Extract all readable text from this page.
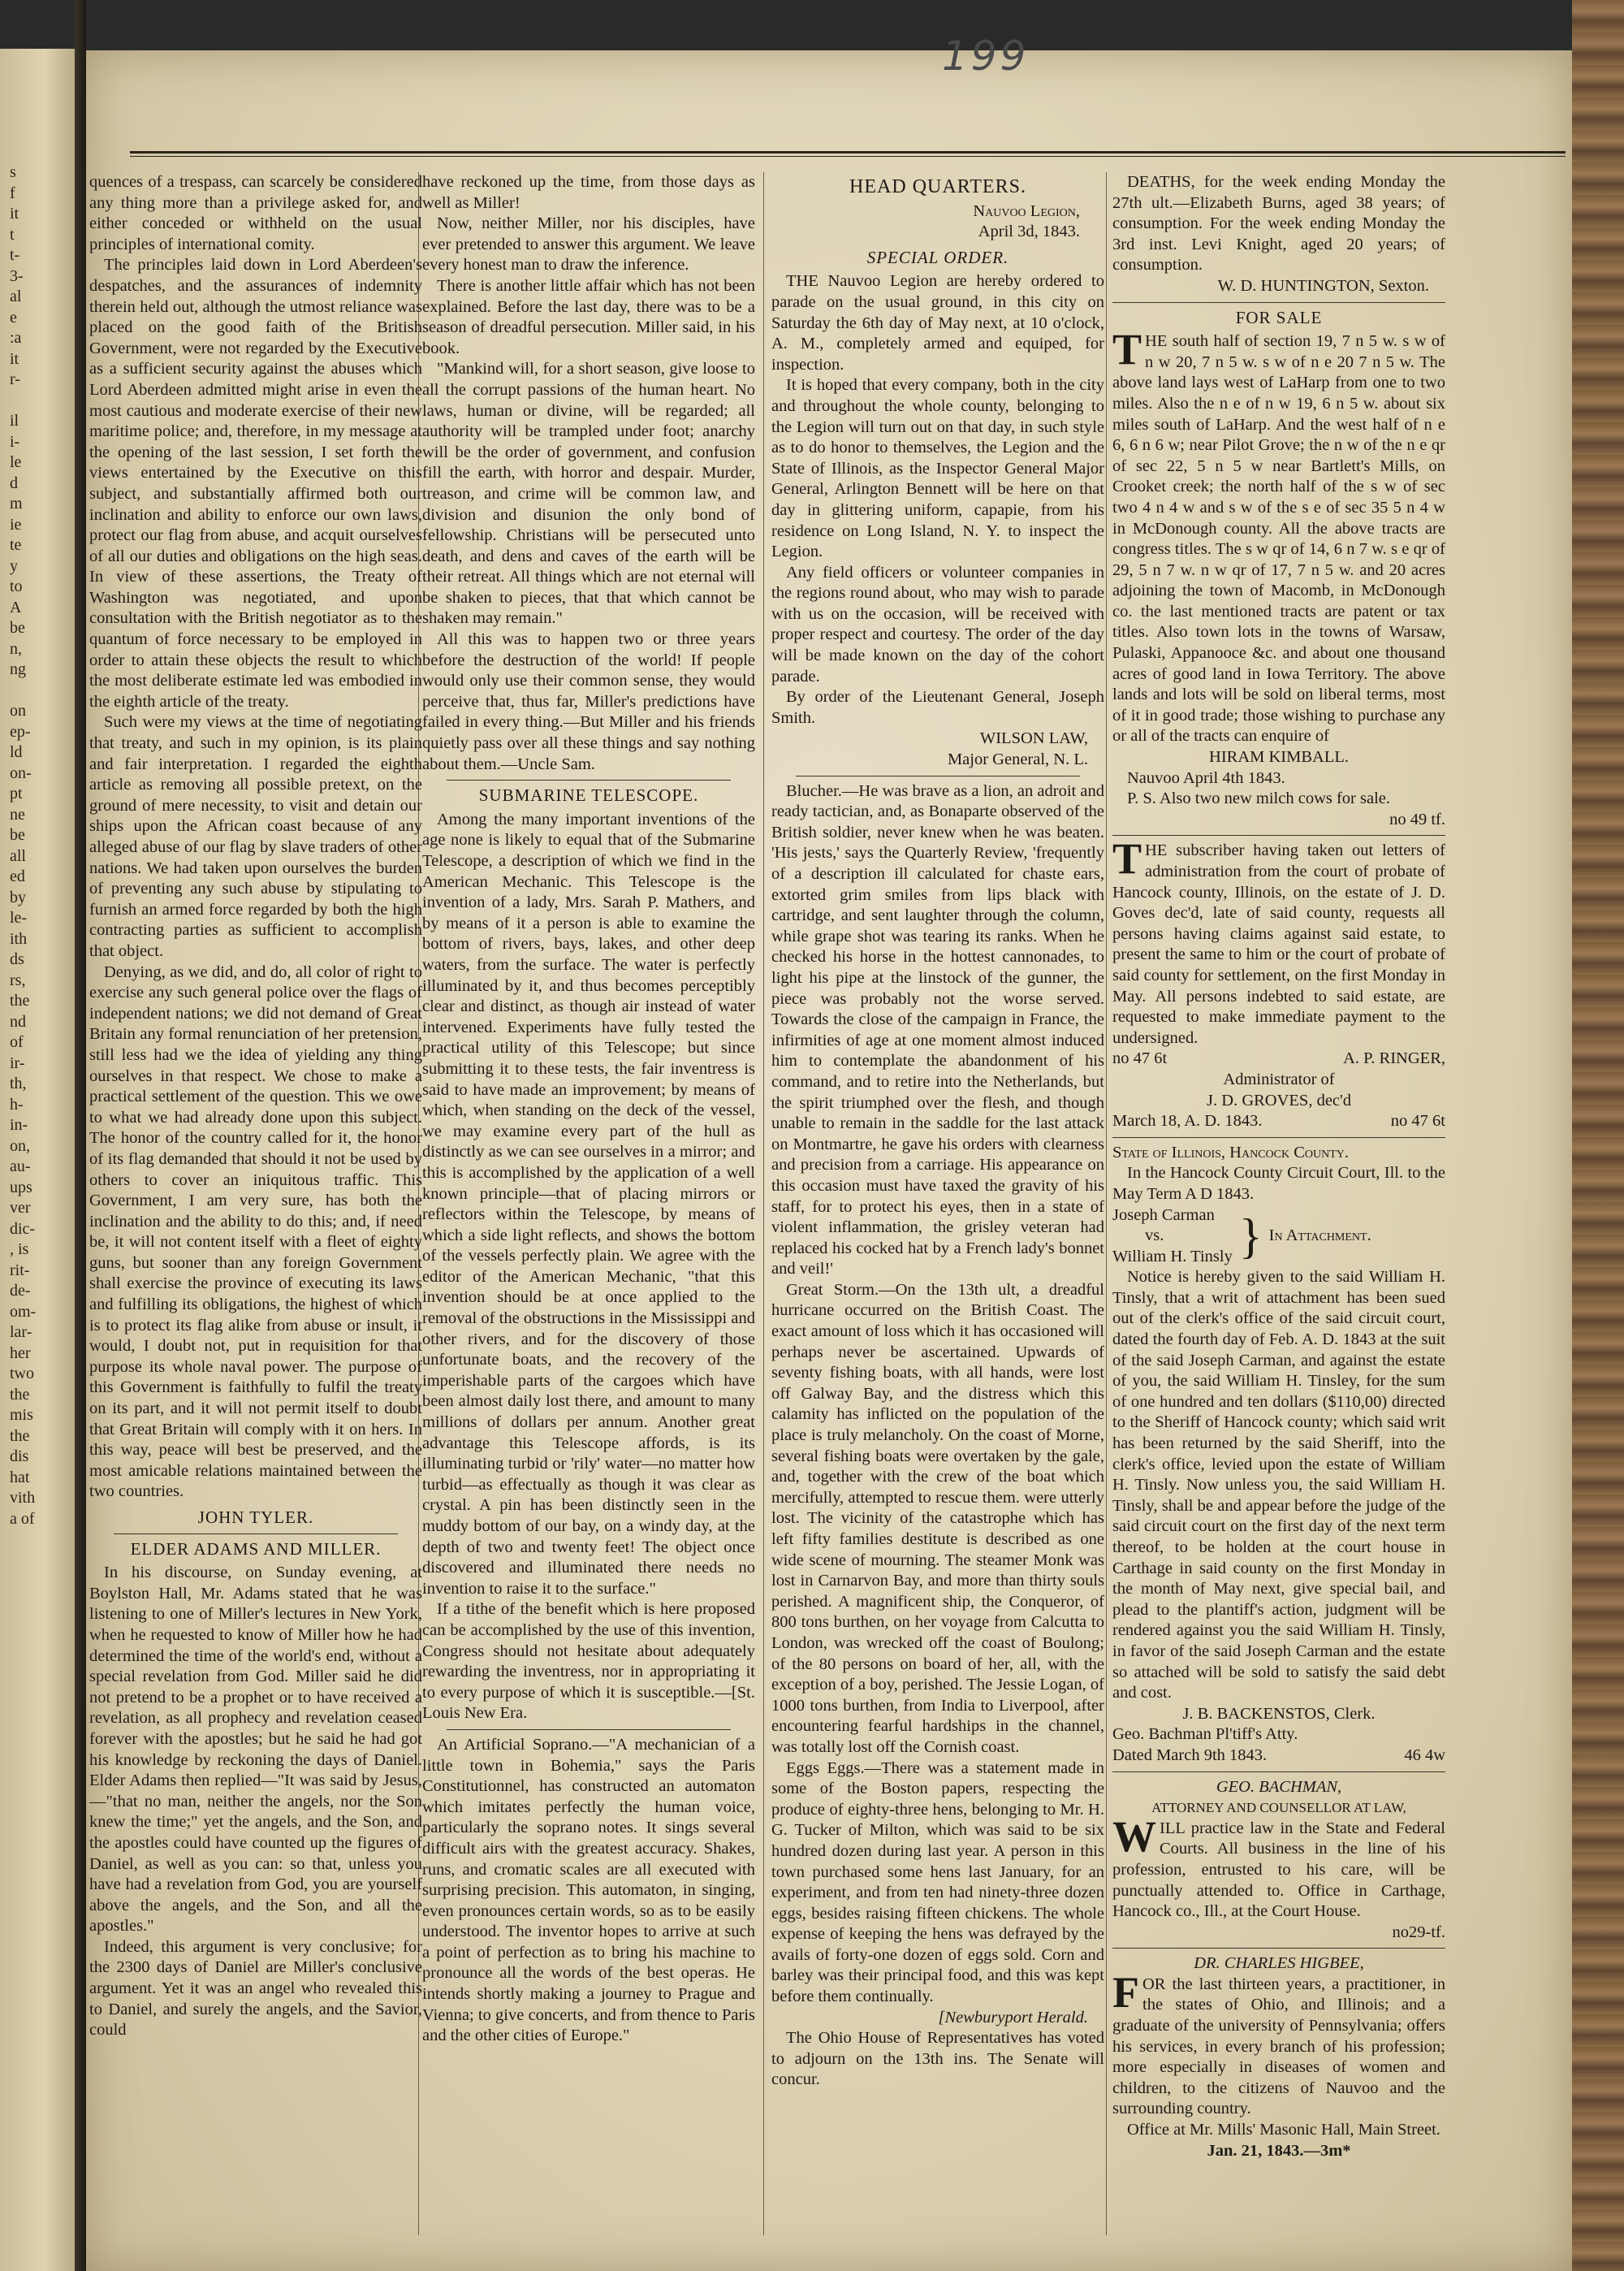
s
f
it
t
t-
3-
al
e
:a
it
r-

il
i-
le
d
m
ie
te
y
to
A
be
n,
ng

on
ep-
ld
on-
pt
ne
be
all
ed
by
le-
ith
ds
rs,
the
nd
of
ir-
th,
h-
in-
on,
au-
ups
ver
dic-
, is
rit-
de-
om-
lar-
her
two
the
mis
the
dis
hat
vith
a of
199

quences of a trespass, can scarcely be considered any thing more than a privilege asked for, and either conceded or withheld on the usual principles of international comity.

The principles laid down in Lord Aberdeen's despatches, and the assurances of indemnity therein held out, although the utmost reliance was placed on the good faith of the British Government, were not regarded by the Executive as a sufficient security against the abuses which Lord Aberdeen admitted might arise in even the most cautious and moderate exercise of their new maritime police; and, therefore, in my message at the opening of the last session, I set forth the views entertained by the Executive on this subject, and substantially affirmed both our inclination and ability to enforce our own laws, protect our flag from abuse, and acquit ourselves of all our duties and obligations on the high seas. In view of these assertions, the Treaty of Washington was negotiated, and upon consultation with the British negotiator as to the quantum of force necessary to be employed in order to attain these objects the result to which the most deliberate estimate led was embodied in the eighth article of the treaty.

Such were my views at the time of negotiating that treaty, and such in my opinion, is its plain and fair interpretation. I regarded the eighth article as removing all possible pretext, on the ground of mere necessity, to visit and detain our ships upon the African coast because of any alleged abuse of our flag by slave traders of other nations. We had taken upon ourselves the burden of preventing any such abuse by stipulating to furnish an armed force regarded by both the high contracting parties as sufficient to accomplish that object.

Denying, as we did, and do, all color of right to exercise any such general police over the flags of independent nations; we did not demand of Great Britain any formal renunciation of her pretension, still less had we the idea of yielding any thing ourselves in that respect. We chose to make a practical settlement of the question. This we owe to what we had already done upon this subject. The honor of the country called for it, the honor of its flag demanded that should it not be used by others to cover an iniquitous traffic. This Government, I am very sure, has both the inclination and the ability to do this; and, if need be, it will not content itself with a fleet of eighty guns, but sooner than any foreign Government shall exercise the province of executing its laws and fulfilling its obligations, the highest of which is to protect its flag alike from abuse or insult, it would, I doubt not, put in requisition for that purpose its whole naval power. The purpose of this Government is faithfully to fulfil the treaty on its part, and it will not permit itself to doubt that Great Britain will comply with it on hers. In this way, peace will best be preserved, and the most amicable relations maintained between the two countries.

JOHN TYLER.
ELDER ADAMS AND MILLER.

In his discourse, on Sunday evening, at Boylston Hall, Mr. Adams stated that he was listening to one of Miller's lectures in New York, when he requested to know of Miller how he had determined the time of the world's end, without a special revelation from God. Miller said he did not pretend to be a prophet or to have received a revelation, as all prophecy and revelation ceased forever with the apostles; but he said he had got his knowledge by reckoning the days of Daniel. Elder Adams then replied—"It was said by Jesus, —"that no man, neither the angels, nor the Son knew the time;" yet the angels, and the Son, and the apostles could have counted up the figures of Daniel, as well as you can: so that, unless you have had a revelation from God, you are yourself above the angels, and the Son, and all the apostles."

Indeed, this argument is very conclusive; for the 2300 days of Daniel are Miller's conclusive argument. Yet it was an angel who revealed this to Daniel, and surely the angels, and the Savior, could

have reckoned up the time, from those days as well as Miller!

Now, neither Miller, nor his disciples, have ever pretended to answer this argument. We leave every honest man to draw the inference.

There is another little affair which has not been explained. Before the last day, there was to be a season of dreadful persecution. Miller said, in his book.

"Mankind will, for a short season, give loose to all the corrupt passions of the human heart. No laws, human or divine, will be regarded; all authority will be trampled under foot; anarchy will be the order of government, and confusion fill the earth, with horror and despair. Murder, treason, and crime will be common law, and division and disunion the only bond of fellowship. Christians will be persecuted unto death, and dens and caves of the earth will be their retreat. All things which are not eternal will be shaken to pieces, that that which cannot be shaken may remain."

All this was to happen two or three years before the destruction of the world! If people would only use their common sense, they would perceive that, thus far, Miller's predictions have failed in every thing.—But Miller and his friends quietly pass over all these things and say nothing about them.—Uncle Sam.

SUBMARINE TELESCOPE.

Among the many important inventions of the age none is likely to equal that of the Submarine Telescope, a description of which we find in the American Mechanic. This Telescope is the invention of a lady, Mrs. Sarah P. Mathers, and by means of it a person is able to examine the bottom of rivers, bays, lakes, and other deep waters, from the surface. The water is perfectly illuminated by it, and thus becomes perceptibly clear and distinct, as though air instead of water intervened. Experiments have fully tested the practical utility of this Telescope; but since submitting it to these tests, the fair inventress is said to have made an improvement; by means of which, when standing on the deck of the vessel, we may examine every part of the hull as distinctly as we can see ourselves in a mirror; and this is accomplished by the application of a well known principle—that of placing mirrors or reflectors within the Telescope, by means of which a side light reflects, and shows the bottom of the vessels perfectly plain. We agree with the editor of the American Mechanic, "that this invention should be at once applied to the removal of the obstructions in the Mississippi and other rivers, and for the discovery of those unfortunate boats, and the recovery of the imperishable parts of the cargoes which have been almost daily lost there, and amount to many millions of dollars per annum. Another great advantage this Telescope affords, is its illuminating turbid or 'rily' water—no matter how turbid—as effectually as though it was clear as crystal. A pin has been distinctly seen in the muddy bottom of our bay, on a windy day, at the depth of two and twenty feet! The object once discovered and illuminated there needs no invention to raise it to the surface."

If a tithe of the benefit which is here proposed can be accomplished by the use of this invention, Congress should not hesitate about adequately rewarding the inventress, nor in appropriating it to every purpose of which it is susceptible.—[St. Louis New Era.

An Artificial Soprano.—"A mechanician of a little town in Bohemia," says the Paris Constitutionnel, has constructed an automaton which imitates perfectly the human voice, particularly the soprano notes. It sings several difficult airs with the greatest accuracy. Shakes, runs, and cromatic scales are all executed with surprising precision. This automaton, in singing, even pronounces certain words, so as to be easily understood. The inventor hopes to arrive at such a point of perfection as to bring his machine to pronounce all the words of the best operas. He intends shortly making a journey to Prague and Vienna; to give concerts, and from thence to Paris and the other cities of Europe."

HEAD QUARTERS.
Nauvoo Legion,
April 3d, 1843.
SPECIAL ORDER.

THE Nauvoo Legion are hereby ordered to parade on the usual ground, in this city on Saturday the 6th day of May next, at 10 o'clock, A. M., completely armed and equiped, for inspection.

It is hoped that every company, both in the city and throughout the whole county, belonging to the Legion will turn out on that day, in such style as to do honor to themselves, the Legion and the State of Illinois, as the Inspector General Major General, Arlington Bennett will be here on that day in glittering uniform, capapie, from his residence on Long Island, N. Y. to inspect the Legion.

Any field officers or volunteer companies in the regions round about, who may wish to parade with us on the occasion, will be received with proper respect and courtesy. The order of the day will be made known on the day of the cohort parade.

By order of the Lieutenant General, Joseph Smith.

WILSON LAW,
Major General, N. L.

Blucher.—He was brave as a lion, an adroit and ready tactician, and, as Bonaparte observed of the British soldier, never knew when he was beaten. 'His jests,' says the Quarterly Review, 'frequently of a description ill calculated for chaste ears, extorted grim smiles from lips black with cartridge, and sent laughter through the column, while grape shot was tearing its ranks. When he checked his horse in the hottest cannonades, to light his pipe at the linstock of the gunner, the piece was probably not the worse served. Towards the close of the campaign in France, the infirmities of age at one moment almost induced him to contemplate the abandonment of his command, and to retire into the Netherlands, but the spirit triumphed over the flesh, and though unable to remain in the saddle for the last attack on Montmartre, he gave his orders with clearness and precision from a carriage. His appearance on this occasion must have taxed the gravity of his staff, for to protect his eyes, then in a state of violent inflammation, the grisley veteran had replaced his cocked hat by a French lady's bonnet and veil!'

Great Storm.—On the 13th ult, a dreadful hurricane occurred on the British Coast. The exact amount of loss which it has occasioned will perhaps never be ascertained. Upwards of seventy fishing boats, with all hands, were lost off Galway Bay, and the distress which this calamity has inflicted on the population of the place is truly melancholy. On the coast of Morne, several fishing boats were overtaken by the gale, and, together with the crew of the boat which mercifully, attempted to rescue them. were utterly lost. The vicinity of the catastrophe which has left fifty families destitute is described as one wide scene of mourning. The steamer Monk was lost in Carnarvon Bay, and more than thirty souls perished. A magnificent ship, the Conqueror, of 800 tons burthen, on her voyage from Calcutta to London, was wrecked off the coast of Boulong; of the 80 persons on board of her, all, with the exception of a boy, perished. The Jessie Logan, of 1000 tons burthen, from India to Liverpool, after encountering fearful hardships in the channel, was totally lost off the Cornish coast.

Eggs Eggs.—There was a statement made in some of the Boston papers, respecting the produce of eighty-three hens, belonging to Mr. H. G. Tucker of Milton, which was said to be six hundred dozen during last year. A person in this town purchased some hens last January, for an experiment, and from ten had ninety-three dozen eggs, besides raising fifteen chickens. The whole expense of keeping the hens was defrayed by the avails of forty-one dozen of eggs sold. Corn and barley was their principal food, and this was kept before them continually.

[Newburyport Herald.

The Ohio House of Representatives has voted to adjourn on the 13th ins. The Senate will concur.

DEATHS, for the week ending Monday the 27th ult.—Elizabeth Burns, aged 38 years; of consumption. For the week ending Monday the 3rd inst. Levi Knight, aged 20 years; of consumption.

W. D. HUNTINGTON, Sexton.
FOR SALE

THE south half of section 19, 7 n 5 w. s w of n w 20, 7 n 5 w. s w of n e 20 7 n 5 w. The above land lays west of LaHarp from one to two miles. Also the n e of n w 19, 6 n 5 w. about six miles south of LaHarp. And the west half of n e 6, 6 n 6 w; near Pilot Grove; the n w of the n e qr of sec 22, 5 n 5 w near Bartlett's Mills, on Crooket creek; the north half of the s w of sec two 4 n 4 w and s w of the s e of sec 35 5 n 4 w in McDonough county. All the above tracts are congress titles. The s w qr of 14, 6 n 7 w. s e qr of 29, 5 n 7 w. n w qr of 17, 7 n 5 w. and 20 acres adjoining the town of Macomb, in McDonough co. the last mentioned tracts are patent or tax titles. Also town lots in the towns of Warsaw, Pulaski, Appanooce &c. and about one thousand acres of good land in Iowa Territory. The above lands and lots will be sold on liberal terms, most of it in good trade; those wishing to purchase any or all of the tracts can enquire of

HIRAM KIMBALL.

Nauvoo April 4th 1843.

P. S. Also two new milch cows for sale.

no 49 tf.

THE subscriber having taken out letters of administration from the court of probate of Hancock county, Illinois, on the estate of J. D. Goves dec'd, late of said county, requests all persons having claims against said estate, to present the same to him or the court of probate of said county for settlement, on the first Monday in May. All persons indebted to said estate, are requested to make immediate payment to the undersigned.

no 47 6t	A. P. RINGER,
Administrator of
J. D. GROVES, dec'd
March 18, A. D. 1843.	no 47 6t
State of Illinois, Hancock County.

In the Hancock County Circuit Court, Ill. to the May Term A D 1843.

Joseph Carman
vs.
William H. Tinsly } In Attachment.

Notice is hereby given to the said William H. Tinsly, that a writ of attachment has been sued out of the clerk's office of the said circuit court, dated the fourth day of Feb. A. D. 1843 at the suit of the said Joseph Carman, and against the estate of you, the said William H. Tinsley, for the sum of one hundred and ten dollars ($110,00) directed to the Sheriff of Hancock county; which said writ has been returned by the said Sheriff, into the clerk's office, levied upon the estate of William H. Tinsly. Now unless you, the said William H. Tinsly, shall be and appear before the judge of the said circuit court on the first day of the next term thereof, to be holden at the court house in Carthage in said county on the first Monday in the month of May next, give special bail, and plead to the plantiff's action, judgment will be rendered against you the said William H. Tinsly, in favor of the said Joseph Carman and the estate so attached will be sold to satisfy the said debt and cost.

J. B. BACKENSTOS, Clerk.
Geo. Bachman Pl'tiff's Atty.
Dated March 9th 1843.	46 4w
GEO. BACHMAN,
ATTORNEY AND COUNSELLOR AT LAW,

WILL practice law in the State and Federal Courts. All business in the line of his profession, entrusted to his care, will be punctually attended to. Office in Carthage, Hancock co., Ill., at the Court House.

no29-tf.
DR. CHARLES HIGBEE,

FOR the last thirteen years, a practitioner, in the states of Ohio, and Illinois; and a graduate of the university of Pennsylvania; offers his services, in every branch of his profession; more especially in diseases of women and children, to the citizens of Nauvoo and the surrounding country.

Office at Mr. Mills' Masonic Hall, Main Street.

Jan. 21, 1843.—3m*
